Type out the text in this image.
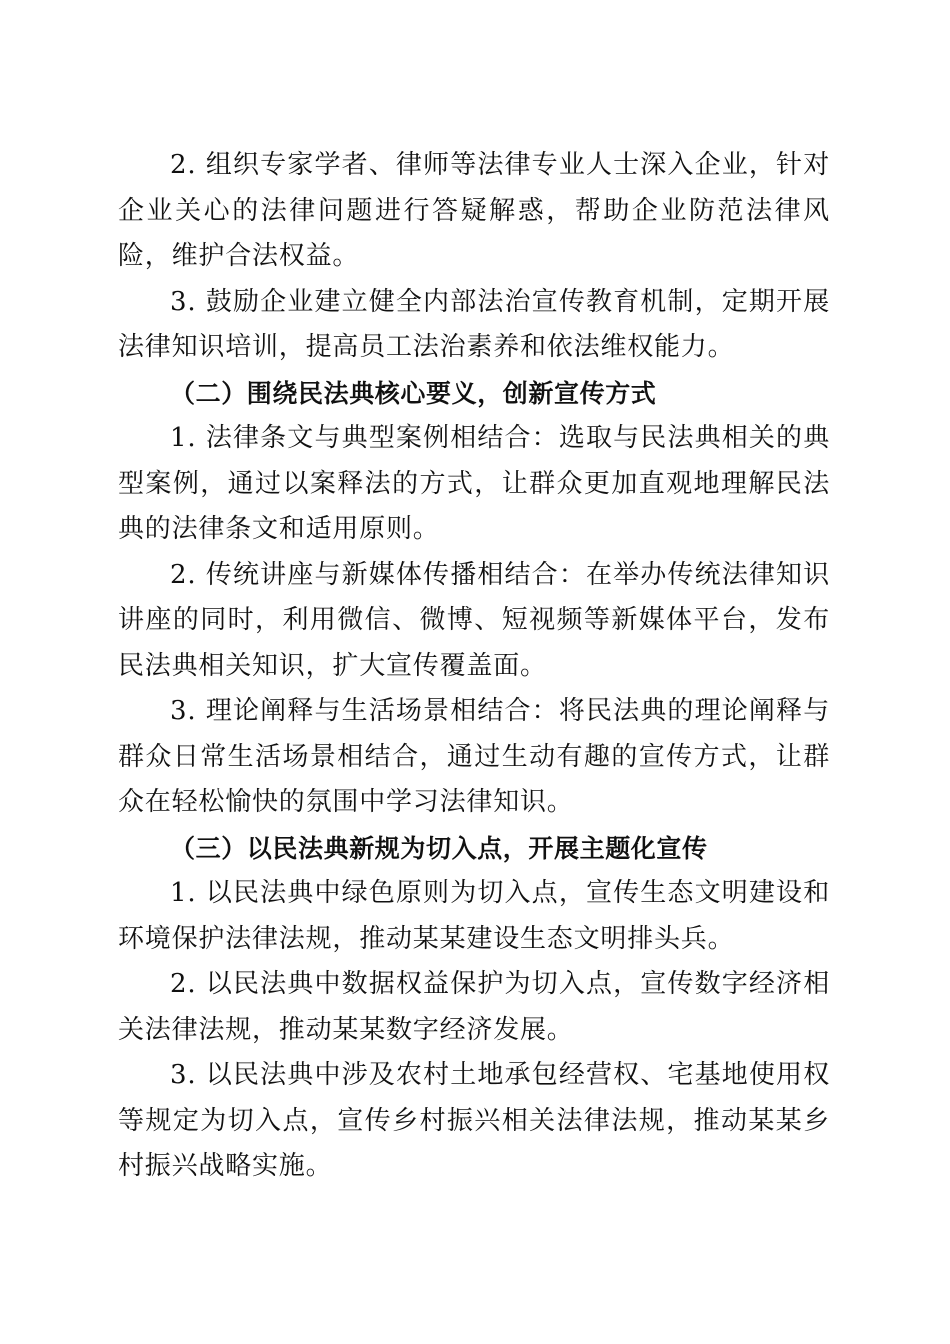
2. 组织专家学者、律师等法律专业人士深入企业，针对企业关心的法律问题进行答疑解惑，帮助企业防范法律风险，维护合法权益。

3. 鼓励企业建立健全内部法治宣传教育机制，定期开展法律知识培训，提高员工法治素养和依法维权能力。

（二）围绕民法典核心要义，创新宣传方式

1. 法律条文与典型案例相结合：选取与民法典相关的典型案例，通过以案释法的方式，让群众更加直观地理解民法典的法律条文和适用原则。

2. 传统讲座与新媒体传播相结合：在举办传统法律知识讲座的同时，利用微信、微博、短视频等新媒体平台，发布民法典相关知识，扩大宣传覆盖面。

3. 理论阐释与生活场景相结合：将民法典的理论阐释与群众日常生活场景相结合，通过生动有趣的宣传方式，让群众在轻松愉快的氛围中学习法律知识。

（三）以民法典新规为切入点，开展主题化宣传

1. 以民法典中绿色原则为切入点，宣传生态文明建设和环境保护法律法规，推动某某建设生态文明排头兵。

2. 以民法典中数据权益保护为切入点，宣传数字经济相关法律法规，推动某某数字经济发展。

3. 以民法典中涉及农村土地承包经营权、宅基地使用权等规定为切入点，宣传乡村振兴相关法律法规，推动某某乡村振兴战略实施。
